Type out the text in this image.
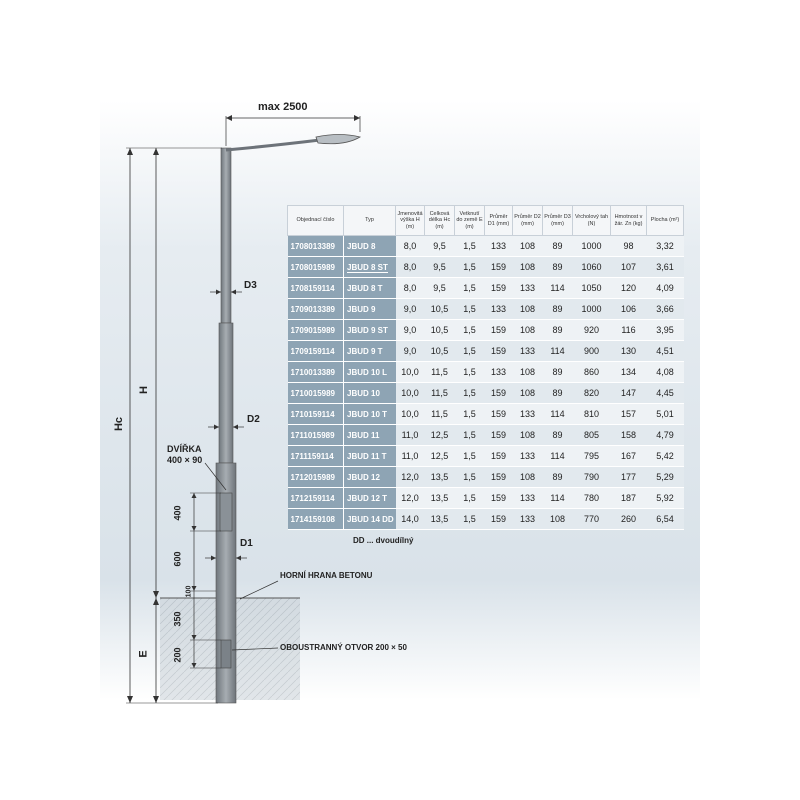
max 2500
Hc
H
E
D3
D2
D1
DVÍŘKA
400 × 90
400
600
100
350
200
HORNÍ HRANA BETONU
OBOUSTRANNÝ OTVOR 200 × 50
Objednací číslo	Typ	Jmenovitá výška H (m)	Celková délka Hc (m)	Vetknutí do země E (m)	Průměr D1 (mm)	Průměr D2 (mm)	Průměr D3 (mm)	Vrcholový tah (N)	Hmotnost v žár. Zn (kg)	Plocha (m²)
1708013389	JBUD 8	8,0	9,5	1,5	133	108	89	1000	98	3,32
1708015989	JBUD 8 ST	8,0	9,5	1,5	159	108	89	1060	107	3,61
1708159114	JBUD 8 T	8,0	9,5	1,5	159	133	114	1050	120	4,09
1709013389	JBUD 9	9,0	10,5	1,5	133	108	89	1000	106	3,66
1709015989	JBUD 9 ST	9,0	10,5	1,5	159	108	89	920	116	3,95
1709159114	JBUD 9 T	9,0	10,5	1,5	159	133	114	900	130	4,51
1710013389	JBUD 10 L	10,0	11,5	1,5	133	108	89	860	134	4,08
1710015989	JBUD 10	10,0	11,5	1,5	159	108	89	820	147	4,45
1710159114	JBUD 10 T	10,0	11,5	1,5	159	133	114	810	157	5,01
1711015989	JBUD 11	11,0	12,5	1,5	159	108	89	805	158	4,79
1711159114	JBUD 11 T	11,0	12,5	1,5	159	133	114	795	167	5,42
1712015989	JBUD 12	12,0	13,5	1,5	159	108	89	790	177	5,29
1712159114	JBUD 12 T	12,0	13,5	1,5	159	133	114	780	187	5,92
1714159108	JBUD 14 DD	14,0	13,5	1,5	159	133	108	770	260	6,54
DD ... dvoudílný
